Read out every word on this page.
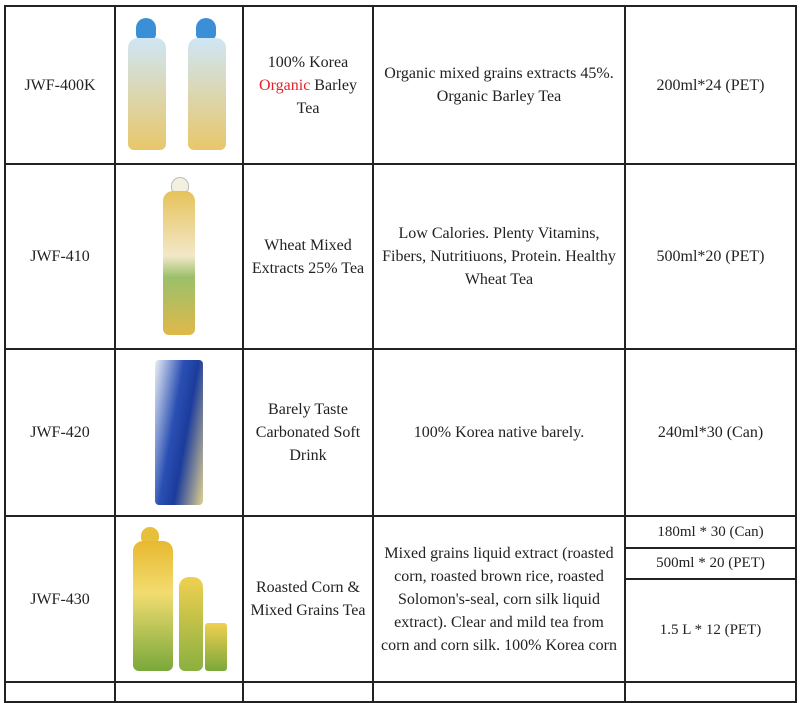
JWF-400K		100% Korea Organic Barley Tea	Organic mixed grains extracts 45%. Organic Barley Tea	200ml*24 (PET)
JWF-410		Wheat Mixed Extracts 25% Tea	Low Calories. Plenty Vitamins, Fibers, Nutritiuons, Protein. Healthy Wheat Tea	500ml*20 (PET)
JWF-420		Barely Taste Carbonated Soft Drink	100% Korea native barely.	240ml*30 (Can)
JWF-430		Roasted Corn & Mixed Grains Tea	Mixed grains liquid extract (roasted corn, roasted brown rice, roasted Solomon's-seal, corn silk liquid extract). Clear and mild tea from corn and corn silk. 100% Korea corn	180ml * 30 (Can)
				500ml * 20 (PET)
				1.5 L * 12 (PET)
